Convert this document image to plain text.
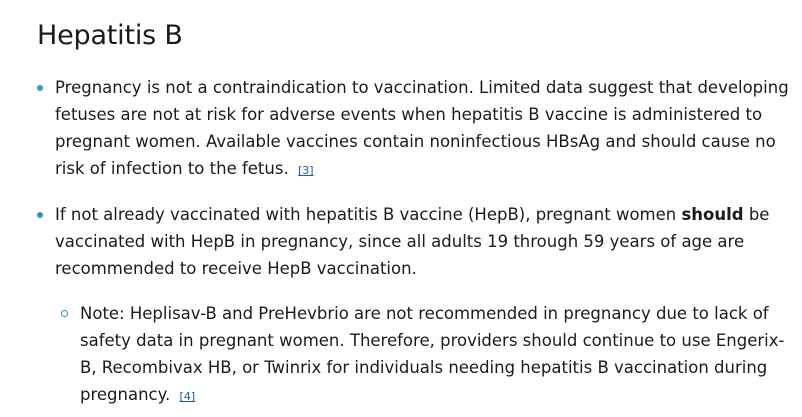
Hepatitis B
Pregnancy is not a contraindication to vaccination. Limited data suggest that developing fetuses are not at risk for adverse events when hepatitis B vaccine is administered to pregnant women. Available vaccines contain noninfectious HBsAg and should cause no risk of infection to the fetus. [3]
If not already vaccinated with hepatitis B vaccine (HepB), pregnant women should be vaccinated with HepB in pregnancy, since all adults 19 through 59 years of age are recommended to receive HepB vaccination.
Note: Heplisav-B and PreHevbrio are not recommended in pregnancy due to lack of safety data in pregnant women. Therefore, providers should continue to use Engerix-B, Recombivax HB, or Twinrix for individuals needing hepatitis B vaccination during pregnancy. [4]
